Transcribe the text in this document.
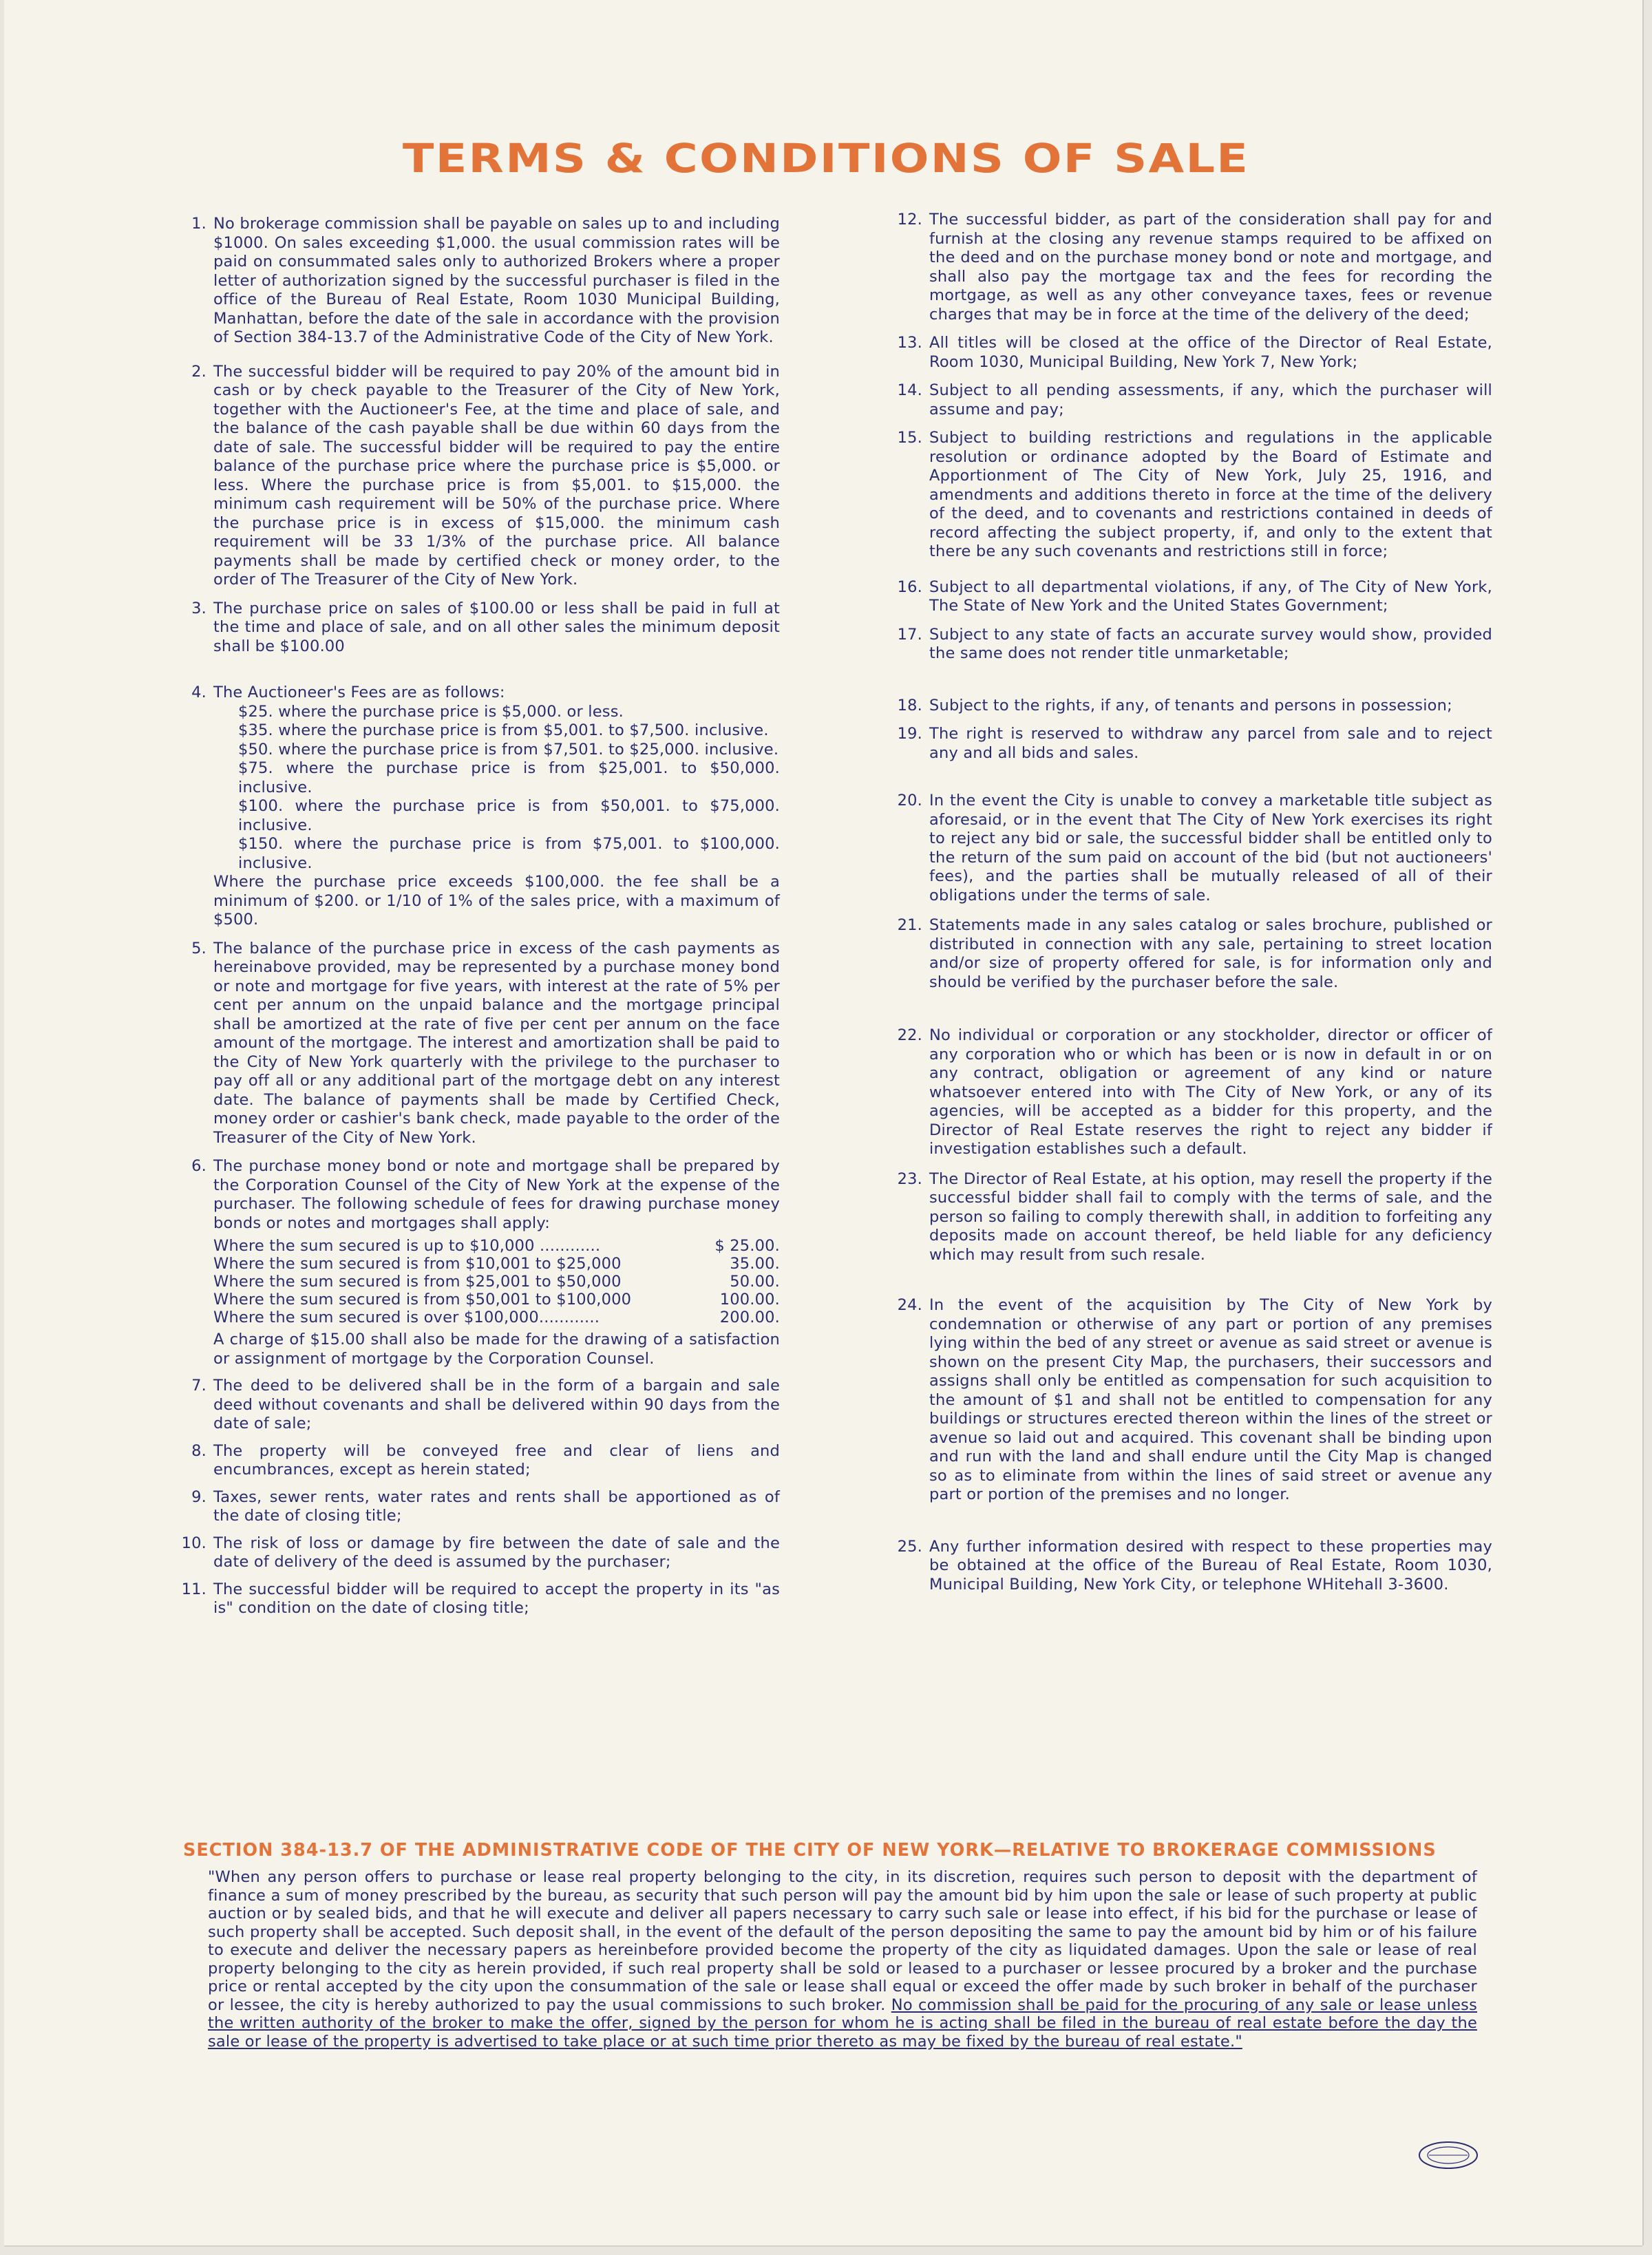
TERMS & CONDITIONS OF SALE
1. No brokerage commission shall be payable on sales up to and including $1000. On sales exceeding $1,000. the usual commission rates will be paid on consummated sales only to authorized Brokers where a proper letter of authorization signed by the successful purchaser is filed in the office of the Bureau of Real Estate, Room 1030 Municipal Building, Manhattan, before the date of the sale in accordance with the provision of Section 384-13.7 of the Administrative Code of the City of New York.
2. The successful bidder will be required to pay 20% of the amount bid in cash or by check payable to the Treasurer of the City of New York, together with the Auctioneer's Fee, at the time and place of sale, and the balance of the cash payable shall be due within 60 days from the date of sale. The successful bidder will be required to pay the entire balance of the purchase price where the purchase price is $5,000. or less. Where the purchase price is from $5,001. to $15,000. the minimum cash requirement will be 50% of the purchase price. Where the purchase price is in excess of $15,000. the minimum cash requirement will be 33 1/3% of the purchase price. All balance payments shall be made by certified check or money order, to the order of The Treasurer of the City of New York.
3. The purchase price on sales of $100.00 or less shall be paid in full at the time and place of sale, and on all other sales the minimum deposit shall be $100.00
4. The Auctioneer's Fees are as follows:
$25. where the purchase price is $5,000. or less.
$35. where the purchase price is from $5,001. to $7,500. inclusive.
$50. where the purchase price is from $7,501. to $25,000. inclusive.
$75. where the purchase price is from $25,001. to $50,000. inclusive.
$100. where the purchase price is from $50,001. to $75,000. inclusive.
$150. where the purchase price is from $75,001. to $100,000. inclusive.
Where the purchase price exceeds $100,000. the fee shall be a minimum of $200. or 1/10 of 1% of the sales price, with a maximum of $500.
5. The balance of the purchase price in excess of the cash payments as hereinabove provided, may be represented by a purchase money bond or note and mortgage for five years, with interest at the rate of 5% per cent per annum on the unpaid balance and the mortgage principal shall be amortized at the rate of five per cent per annum on the face amount of the mortgage. The interest and amortization shall be paid to the City of New York quarterly with the privilege to the purchaser to pay off all or any additional part of the mortgage debt on any interest date. The balance of payments shall be made by Certified Check, money order or cashier's bank check, made payable to the order of the Treasurer of the City of New York.
6. The purchase money bond or note and mortgage shall be prepared by the Corporation Counsel of the City of New York at the expense of the purchaser. The following schedule of fees for drawing purchase money bonds or notes and mortgages shall apply:
Where the sum secured is up to $10,000 ............	$ 25.00.
Where the sum secured is from $10,001 to $25,000	35.00.
Where the sum secured is from $25,001 to $50,000	50.00.
Where the sum secured is from $50,001 to $100,000	100.00.
Where the sum secured is over $100,000............	200.00.
A charge of $15.00 shall also be made for the drawing of a satisfaction or assignment of mortgage by the Corporation Counsel.
7. The deed to be delivered shall be in the form of a bargain and sale deed without covenants and shall be delivered within 90 days from the date of sale;
8. The property will be conveyed free and clear of liens and encumbrances, except as herein stated;
9. Taxes, sewer rents, water rates and rents shall be apportioned as of the date of closing title;
10. The risk of loss or damage by fire between the date of sale and the date of delivery of the deed is assumed by the purchaser;
11. The successful bidder will be required to accept the property in its "as is" condition on the date of closing title;
12. The successful bidder, as part of the consideration shall pay for and furnish at the closing any revenue stamps required to be affixed on the deed and on the purchase money bond or note and mortgage, and shall also pay the mortgage tax and the fees for recording the mortgage, as well as any other conveyance taxes, fees or revenue charges that may be in force at the time of the delivery of the deed;
13. All titles will be closed at the office of the Director of Real Estate, Room 1030, Municipal Building, New York 7, New York;
14. Subject to all pending assessments, if any, which the purchaser will assume and pay;
15. Subject to building restrictions and regulations in the applicable resolution or ordinance adopted by the Board of Estimate and Apportionment of The City of New York, July 25, 1916, and amendments and additions thereto in force at the time of the delivery of the deed, and to covenants and restrictions contained in deeds of record affecting the subject property, if, and only to the extent that there be any such covenants and restrictions still in force;
16. Subject to all departmental violations, if any, of The City of New York, The State of New York and the United States Government;
17. Subject to any state of facts an accurate survey would show, provided the same does not render title unmarketable;
18. Subject to the rights, if any, of tenants and persons in possession;
19. The right is reserved to withdraw any parcel from sale and to reject any and all bids and sales.
20. In the event the City is unable to convey a marketable title subject as aforesaid, or in the event that The City of New York exercises its right to reject any bid or sale, the successful bidder shall be entitled only to the return of the sum paid on account of the bid (but not auctioneers' fees), and the parties shall be mutually released of all of their obligations under the terms of sale.
21. Statements made in any sales catalog or sales brochure, published or distributed in connection with any sale, pertaining to street location and/or size of property offered for sale, is for information only and should be verified by the purchaser before the sale.
22. No individual or corporation or any stockholder, director or officer of any corporation who or which has been or is now in default in or on any contract, obligation or agreement of any kind or nature whatsoever entered into with The City of New York, or any of its agencies, will be accepted as a bidder for this property, and the Director of Real Estate reserves the right to reject any bidder if investigation establishes such a default.
23. The Director of Real Estate, at his option, may resell the property if the successful bidder shall fail to comply with the terms of sale, and the person so failing to comply therewith shall, in addition to forfeiting any deposits made on account thereof, be held liable for any deficiency which may result from such resale.
24. In the event of the acquisition by The City of New York by condemnation or otherwise of any part or portion of any premises lying within the bed of any street or avenue as said street or avenue is shown on the present City Map, the purchasers, their successors and assigns shall only be entitled as compensation for such acquisition to the amount of $1 and shall not be entitled to compensation for any buildings or structures erected thereon within the lines of the street or avenue so laid out and acquired. This covenant shall be binding upon and run with the land and shall endure until the City Map is changed so as to eliminate from within the lines of said street or avenue any part or portion of the premises and no longer.
25. Any further information desired with respect to these properties may be obtained at the office of the Bureau of Real Estate, Room 1030, Municipal Building, New York City, or telephone WHitehall 3-3600.
SECTION 384-13.7 OF THE ADMINISTRATIVE CODE OF THE CITY OF NEW YORK—RELATIVE TO BROKERAGE COMMISSIONS
"When any person offers to purchase or lease real property belonging to the city, in its discretion, requires such person to deposit with the department of finance a sum of money prescribed by the bureau, as security that such person will pay the amount bid by him upon the sale or lease of such property at public auction or by sealed bids, and that he will execute and deliver all papers necessary to carry such sale or lease into effect, if his bid for the purchase or lease of such property shall be accepted. Such deposit shall, in the event of the default of the person depositing the same to pay the amount bid by him or of his failure to execute and deliver the necessary papers as hereinbefore provided become the property of the city as liquidated damages. Upon the sale or lease of real property belonging to the city as herein provided, if such real property shall be sold or leased to a purchaser or lessee procured by a broker and the purchase price or rental accepted by the city upon the consummation of the sale or lease shall equal or exceed the offer made by such broker in behalf of the purchaser or lessee, the city is hereby authorized to pay the usual commissions to such broker. No commission shall be paid for the procuring of any sale or lease unless the written authority of the broker to make the offer, signed by the person for whom he is acting shall be filed in the bureau of real estate before the day the sale or lease of the property is advertised to take place or at such time prior thereto as may be fixed by the bureau of real estate."
